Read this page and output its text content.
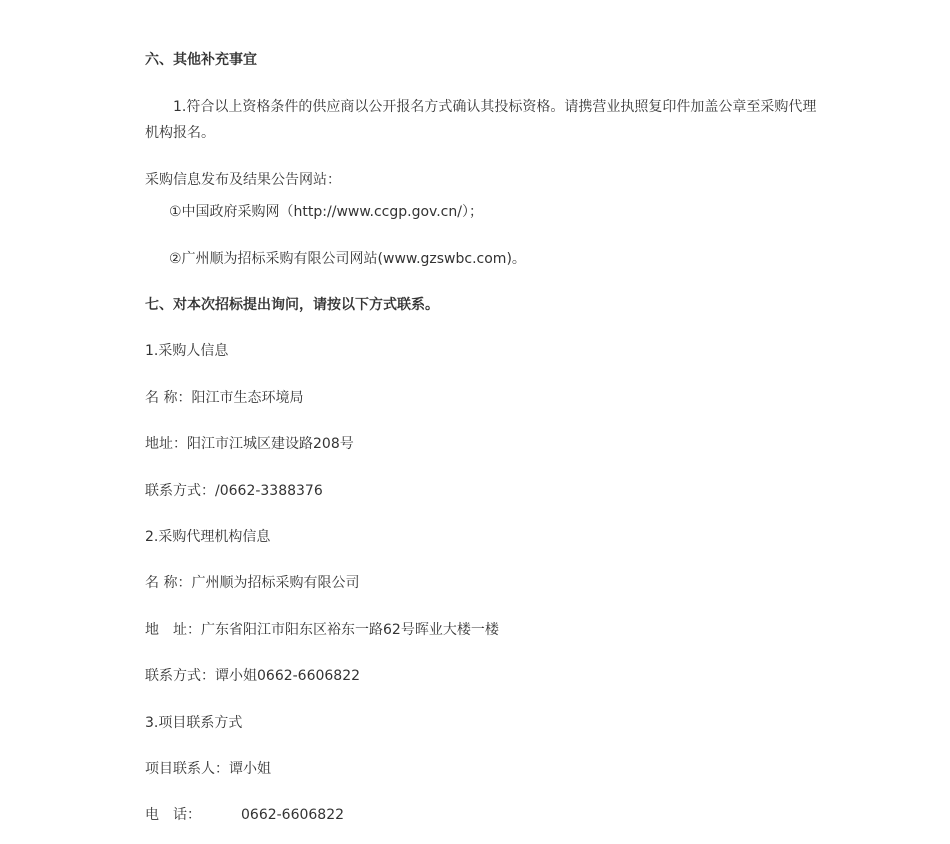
六、其他补充事宜
1.符合以上资格条件的供应商以公开报名方式确认其投标资格。请携营业执照复印件加盖公章至采购代理机构报名。
采购信息发布及结果公告网站：
①中国政府采购网（http://www.ccgp.gov.cn/）；
②广州顺为招标采购有限公司网站(www.gzswbc.com)。
七、对本次招标提出询问，请按以下方式联系。
1.采购人信息
名 称：阳江市生态环境局
地址：阳江市江城区建设路208号
联系方式：/0662-3388376
2.采购代理机构信息
名 称：广州顺为招标采购有限公司
地　址：广东省阳江市阳东区裕东一路62号晖业大楼一楼
联系方式：谭小姐0662-6606822
3.项目联系方式
项目联系人：谭小姐
电　话：	0662-6606822
